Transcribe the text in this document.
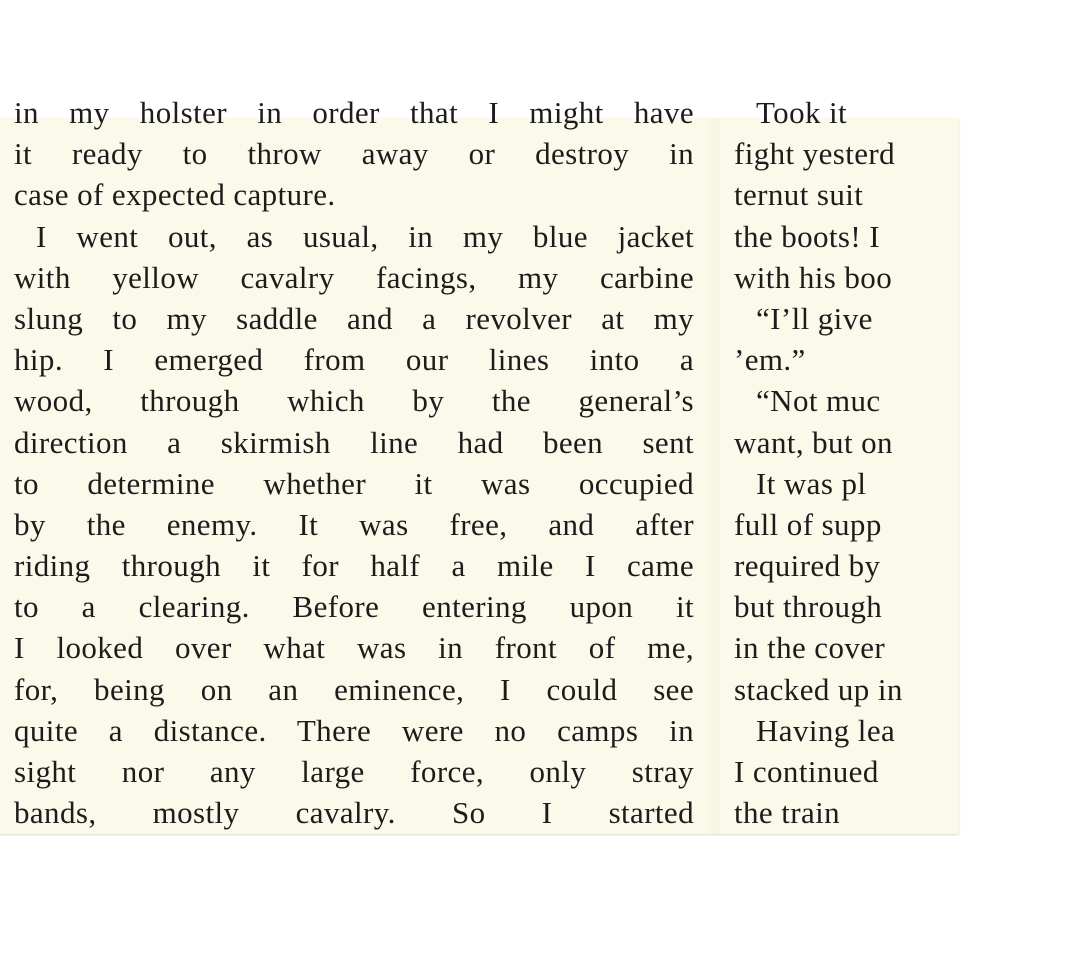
in my holster in order that I might have
it ready to throw away or destroy in
case of expected capture.
I went out, as usual, in my blue jacket
with yellow cavalry facings, my carbine
slung to my saddle and a revolver at my
hip. I emerged from our lines into a
wood, through which by the general’s
direction a skirmish line had been sent
to determine whether it was occupied
by the enemy. It was free, and after
riding through it for half a mile I came
to a clearing. Before entering upon it
I looked over what was in front of me,
for, being on an eminence, I could see
quite a distance. There were no camps in
sight nor any large force, only stray
bands, mostly cavalry. So I started
Took it
fight yesterd
ternut suit
the boots! I
with his boo
“I’ll give
’em.”
“Not muc
want, but on
It was pl
full of supp
required by
but through
in the cover
stacked up in
Having lea
I continued
the train
